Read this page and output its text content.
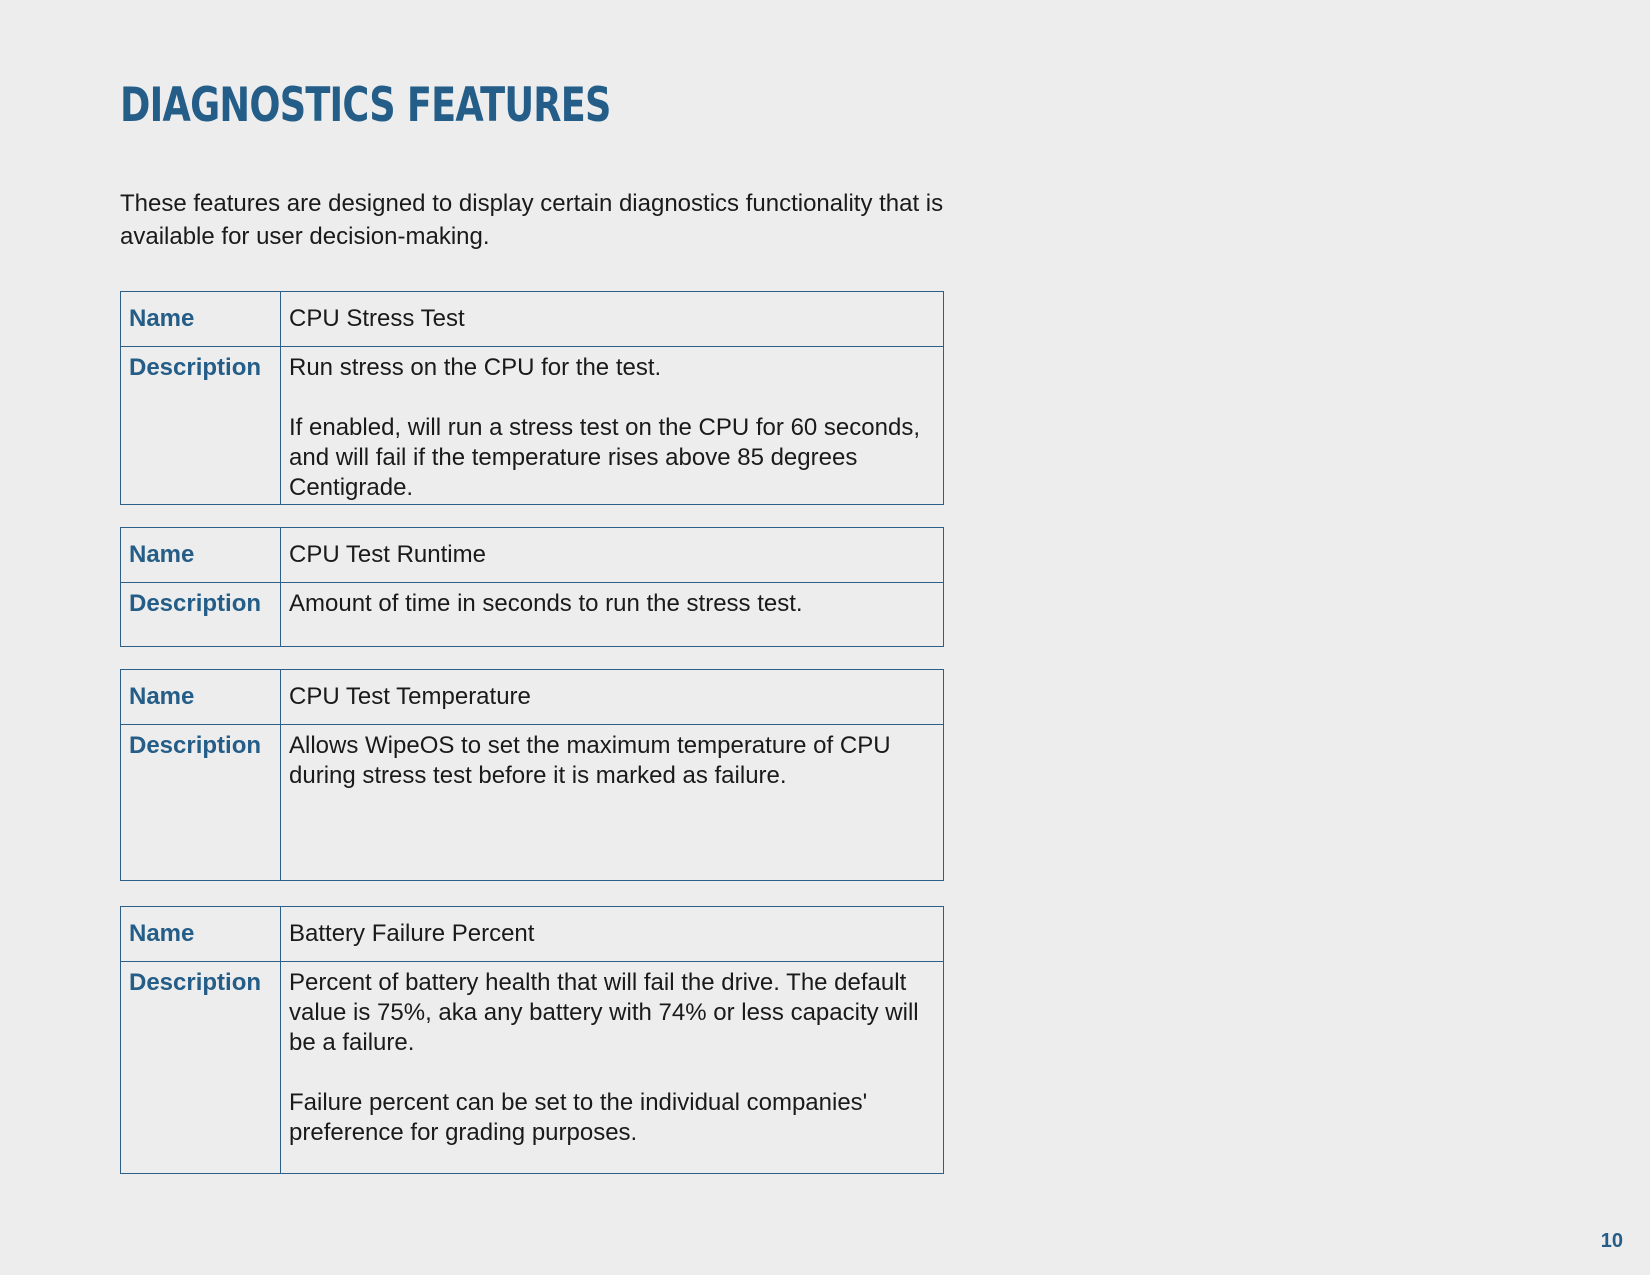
DIAGNOSTICS FEATURES

These features are designed to display certain diagnostics functionality that is available for user decision-making.

Name	CPU Stress Test
Description	Run stress on the CPU for the test.

If enabled, will run a stress test on the CPU for 60 seconds, and will fail if the temperature rises above 85 degrees Centigrade.

Name	CPU Test Runtime
Description	Amount of time in seconds to run the stress test.

Name	CPU Test Temperature
Description	Allows WipeOS to set the maximum temperature of CPU during stress test before it is marked as failure.

Name	Battery Failure Percent
Description	Percent of battery health that will fail the drive. The default value is 75%, aka any battery with 74% or less capacity will be a failure.

Failure percent can be set to the individual companies' preference for grading purposes.

10
